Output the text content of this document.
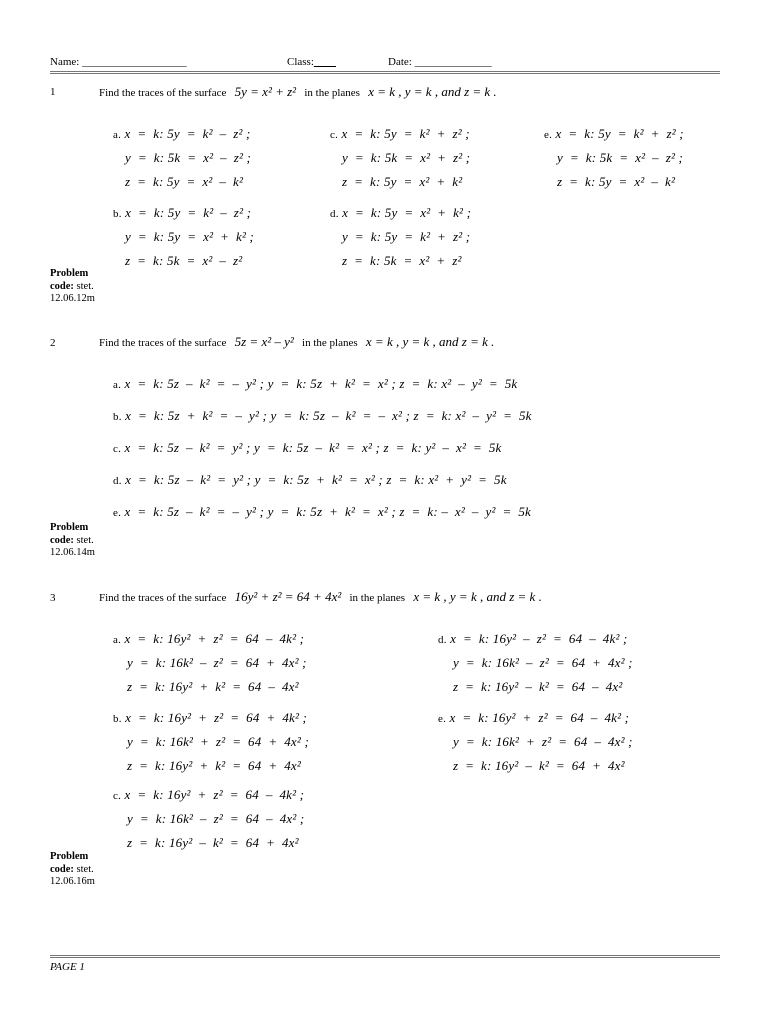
Name: ___________________	Class:____	Date: ______________
1	Find the traces of the surface 5y = x² + z² in the planes x = k , y = k , and z = k .
a. x  =  k: 5y  =  k²  –  z² ;
y  =  k: 5k  =  x²  –  z² ;
z  =  k: 5y  =  x²  –  k²
b. x  =  k: 5y  =  k²  –  z² ;
y  =  k: 5y  =  x²  +  k² ;
z  =  k: 5k  =  x²  –  z²
c. x  =  k: 5y  =  k²  +  z² ;
y  =  k: 5k  =  x²  +  z² ;
z  =  k: 5y  =  x²  +  k²
d. x  =  k: 5y  =  x²  +  k² ;
y  =  k: 5y  =  k²  +  z² ;
z  =  k: 5k  =  x²  +  z²
e. x  =  k: 5y  =  k²  +  z² ;
y  =  k: 5k  =  x²  –  z² ;
z  =  k: 5y  =  x²  –  k²
Problem
code: stet.
12.06.12m
2	Find the traces of the surface 5z = x² – y² in the planes x = k , y = k , and z = k .
a. x  =  k: 5z  –  k²  =  –  y² ; y  =  k: 5z  +  k²  =  x² ; z  =  k: x²  –  y²  =  5k
b. x  =  k: 5z  +  k²  =  –  y² ; y  =  k: 5z  –  k²  =  –  x² ; z  =  k: x²  –  y²  =  5k
c. x  =  k: 5z  –  k²  =  y² ; y  =  k: 5z  –  k²  =  x² ; z  =  k: y²  –  x²  =  5k
d. x  =  k: 5z  –  k²  =  y² ; y  =  k: 5z  +  k²  =  x² ; z  =  k: x²  +  y²  =  5k
e. x  =  k: 5z  –  k²  =  –  y² ; y  =  k: 5z  +  k²  =  x² ; z  =  k: –  x²  –  y²  =  5k
Problem
code: stet.
12.06.14m
3	Find the traces of the surface 16y² + z² = 64 + 4x² in the planes x = k , y = k , and z = k .
a. x  =  k: 16y²  +  z²  =  64  –  4k² ;
y  =  k: 16k²  –  z²  =  64  +  4x² ;
z  =  k: 16y²  +  k²  =  64  –  4x²
b. x  =  k: 16y²  +  z²  =  64  +  4k² ;
y  =  k: 16k²  +  z²  =  64  +  4x² ;
z  =  k: 16y²  +  k²  =  64  +  4x²
c. x  =  k: 16y²  +  z²  =  64  –  4k² ;
y  =  k: 16k²  –  z²  =  64  –  4x² ;
z  =  k: 16y²  –  k²  =  64  +  4x²
d. x  =  k: 16y²  –  z²  =  64  –  4k² ;
y  =  k: 16k²  –  z²  =  64  +  4x² ;
z  =  k: 16y²  –  k²  =  64  –  4x²
e. x  =  k: 16y²  +  z²  =  64  –  4k² ;
y  =  k: 16k²  +  z²  =  64  –  4x² ;
z  =  k: 16y²  –  k²  =  64  +  4x²
Problem
code: stet.
12.06.16m
PAGE 1
